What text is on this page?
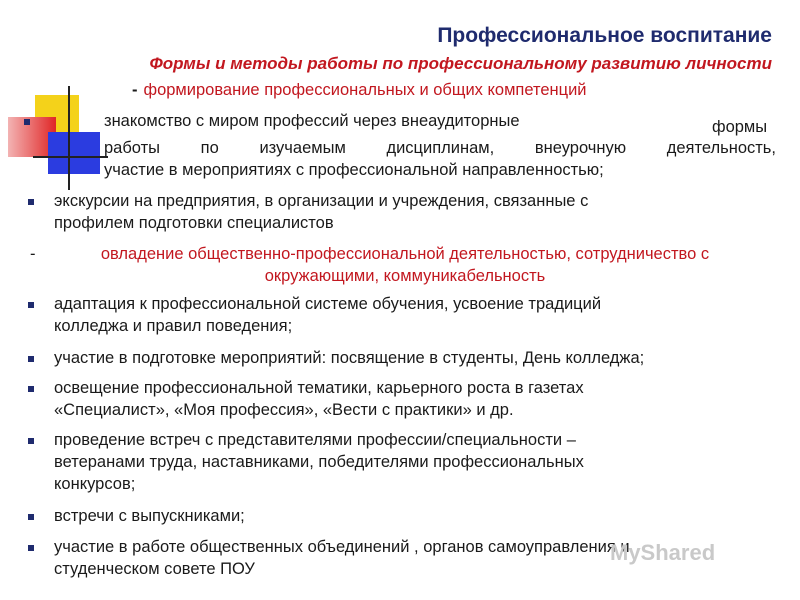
Профессиональное воспитание
Формы и методы работы по профессиональному развитию личности
- формирование профессиональных и общих компетенций
знакомство с миром профессий через внеаудиторные	формы
работы по изучаемым дисциплинам, внеурочную деятельность,
участие в мероприятиях с профессиональной направленностью;
экскурсии на предприятия, в организации и учреждения, связанные с
профилем подготовки специалистов
-	овладение общественно-профессиональной деятельностью, сотрудничество с
окружающими, коммуникабельность
адаптация к профессиональной системе обучения, усвоение традиций
колледжа и правил поведения;
участие в подготовке мероприятий: посвящение в студенты, День колледжа;
освещение профессиональной тематики, карьерного роста в газетах
«Специалист», «Моя профессия», «Вести с практики» и др.
проведение встреч с представителями профессии/специальности –
ветеранами труда, наставниками, победителями профессиональных
конкурсов;
встречи с выпускниками;
участие в работе общественных объединений , органов самоуправления и
студенческом совете ПОУ
MyShared
